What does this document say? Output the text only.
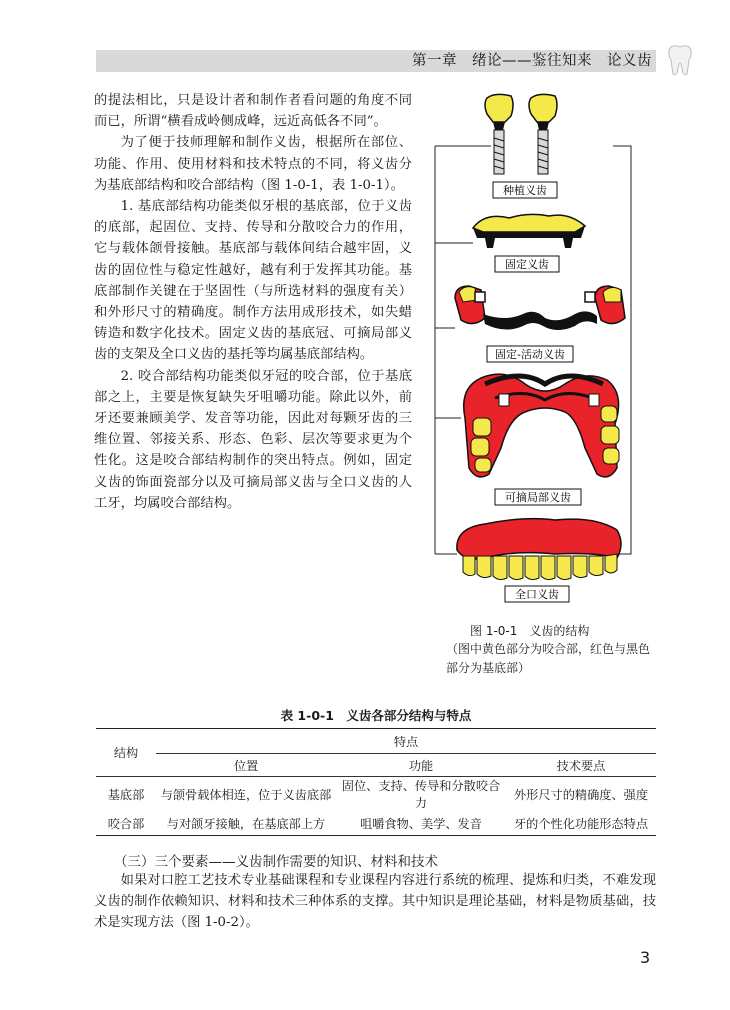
第一章　绪论——鉴往知来　论义齿

的提法相比，只是设计者和制作者看问题的角度不同而已，所谓“横看成岭侧成峰，远近高低各不同”。

为了便于技师理解和制作义齿，根据所在部位、功能、作用、使用材料和技术特点的不同，将义齿分为基底部结构和咬合部结构（图 1-0-1，表 1-0-1）。

1. 基底部结构功能类似牙根的基底部，位于义齿的底部，起固位、支持、传导和分散咬合力的作用，它与载体颌骨接触。基底部与载体间结合越牢固，义齿的固位性与稳定性越好，越有利于发挥其功能。基底部制作关键在于坚固性（与所选材料的强度有关）和外形尺寸的精确度。制作方法用成形技术，如失蜡铸造和数字化技术。固定义齿的基底冠、可摘局部义齿的支架及全口义齿的基托等均属基底部结构。

2. 咬合部结构功能类似牙冠的咬合部，位于基底部之上，主要是恢复缺失牙咀嚼功能。除此以外，前牙还要兼顾美学、发音等功能，因此对每颗牙齿的三维位置、邻接关系、形态、色彩、层次等要求更为个性化。这是咬合部结构制作的突出特点。例如，固定义齿的饰面瓷部分以及可摘局部义齿与全口义齿的人工牙，均属咬合部结构。

种植义齿
固定义齿
固定-活动义齿
可摘局部义齿
全口义齿
图 1-0-1　义齿的结构
（图中黄色部分为咬合部，红色与黑色部分为基底部）
表 1-0-1　义齿各部分结构与特点
结构	特点		
	位置	功能	技术要点
基底部	与颌骨载体相连，位于义齿底部	固位、支持、传导和分散咬合力	外形尺寸的精确度、强度
咬合部	与对颌牙接触，在基底部上方	咀嚼食物、美学、发音	牙的个性化功能形态特点
（三）三个要素——义齿制作需要的知识、材料和技术

如果对口腔工艺技术专业基础课程和专业课程内容进行系统的梳理、提炼和归类，不难发现义齿的制作依赖知识、材料和技术三种体系的支撑。其中知识是理论基础，材料是物质基础，技术是实现方法（图 1-0-2）。

3
